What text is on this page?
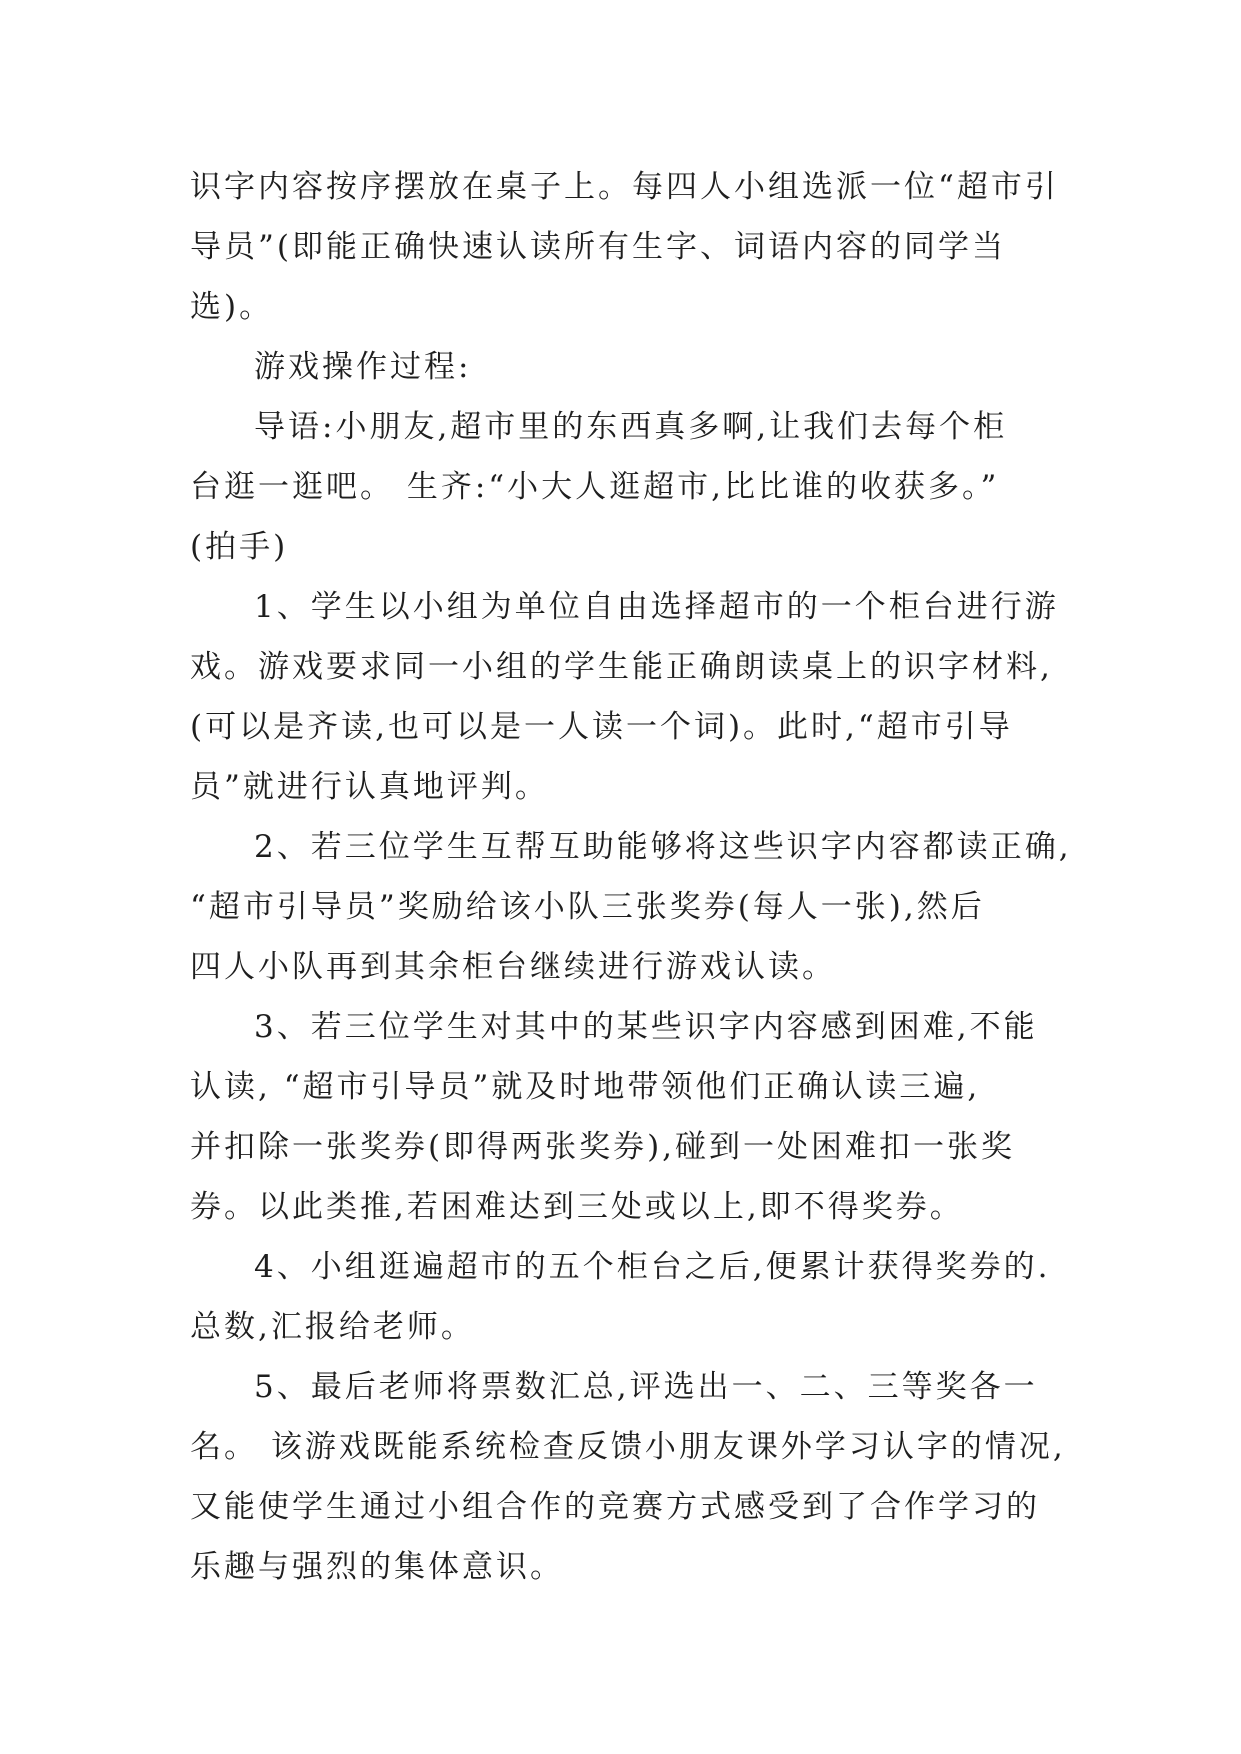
识字内容按序摆放在桌子上。每四人小组选派一位“超市引
导员”(即能正确快速认读所有生字、词语内容的同学当
选)。
游戏操作过程:
导语:小朋友,超市里的东西真多啊,让我们去每个柜
台逛一逛吧。 生齐:“小大人逛超市,比比谁的收获多。”
(拍手)
1、学生以小组为单位自由选择超市的一个柜台进行游
戏。游戏要求同一小组的学生能正确朗读桌上的识字材料,
(可以是齐读,也可以是一人读一个词)。此时,“超市引导
员”就进行认真地评判。
2、若三位学生互帮互助能够将这些识字内容都读正确,
“超市引导员”奖励给该小队三张奖券(每人一张),然后
四人小队再到其余柜台继续进行游戏认读。
3、若三位学生对其中的某些识字内容感到困难,不能
认读, “超市引导员”就及时地带领他们正确认读三遍,
并扣除一张奖券(即得两张奖券),碰到一处困难扣一张奖
券。以此类推,若困难达到三处或以上,即不得奖券。
4、小组逛遍超市的五个柜台之后,便累计获得奖券的.
总数,汇报给老师。
5、最后老师将票数汇总,评选出一、二、三等奖各一
名。 该游戏既能系统检查反馈小朋友课外学习认字的情况,
又能使学生通过小组合作的竞赛方式感受到了合作学习的
乐趣与强烈的集体意识。
